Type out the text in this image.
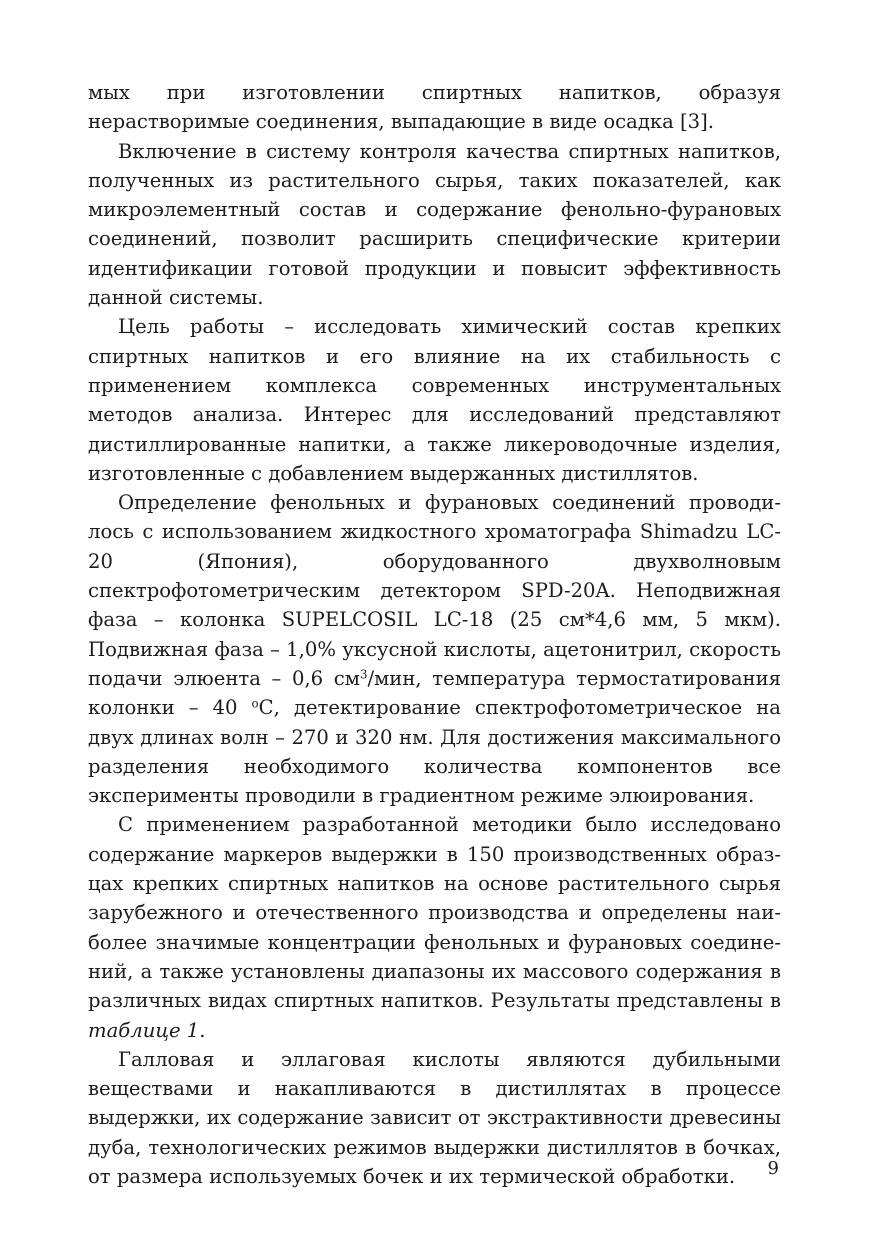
мых при изготовлении спиртных напитков, образуя нерастворимые соединения, выпадающие в виде осадка [3].

Включение в систему контроля качества спиртных напитков, полученных из растительного сырья, таких показателей, как микроэлементный состав и содержание фенольно-фурановых соединений, позволит расширить специфические критерии идентификации готовой продукции и повысит эффективность данной системы.

Цель работы – исследовать химический состав крепких спиртных напитков и его влияние на их стабильность с применением комплекса современных инструментальных методов анализа. Интерес для исследований представляют дистиллированные напитки, а также ликероводочные изделия, изготовленные с добавлением выдержанных дистиллятов.

Определение фенольных и фурановых соединений проводилось с использованием жидкостного хроматографа Shimadzu LC-20 (Япония), оборудованного двухволновым спектрофотометрическим детектором SPD-20A. Неподвижная фаза – колонка SUPELCOSIL LC-18 (25 см*4,6 мм, 5 мкм). Подвижная фаза – 1,0% уксусной кислоты, ацетонитрил, скорость подачи элюента – 0,6 $см^3$/мин, температура термостатирования колонки – 40 $^о$С, детектирование спектрофотометрическое на двух длинах волн – 270 и 320 нм. Для достижения максимального разделения необходимого количества компонентов все эксперименты проводили в градиентном режиме элюирования.

С применением разработанной методики было исследовано содержание маркеров выдержки в 150 производственных образцах крепких спиртных напитков на основе растительного сырья зарубежного и отечественного производства и определены наиболее значимые концентрации фенольных и фурановых соединений, а также установлены диапазоны их массового содержания в различных видах спиртных напитков. Результаты представлены в таблице 1.

Галловая и эллаговая кислоты являются дубильными веществами и накапливаются в дистиллятах в процессе выдержки, их содержание зависит от экстрактивности древесины дуба, технологических режимов выдержки дистиллятов в бочках, от размера используемых бочек и их термической обработки.	9
